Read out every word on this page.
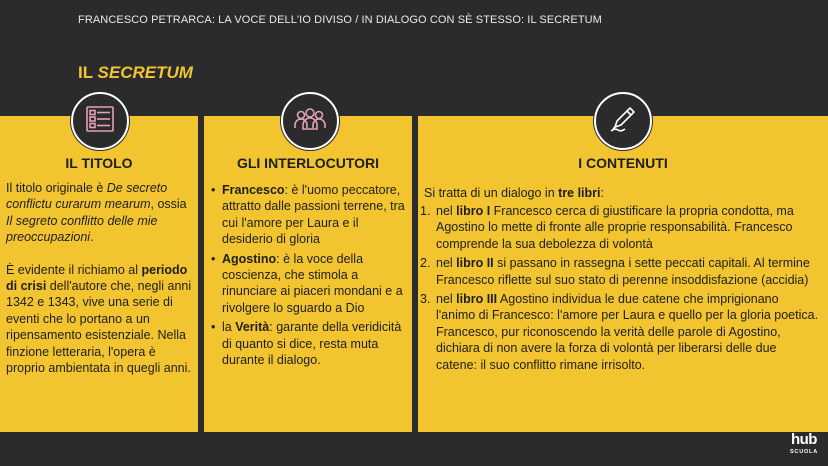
FRANCESCO PETRARCA: LA VOCE DELL'IO DIVISO / IN DIALOGO CON SÈ STESSO: IL SECRETUM
IL SECRETUM
IL TITOLO

Il titolo originale è De secreto conflictu curarum mearum, ossia Il segreto conflitto delle mie preoccupazioni.

È evidente il richiamo al periodo di crisi dell'autore che, negli anni 1342 e 1343, vive una serie di eventi che lo portano a un ripensamento esistenziale. Nella finzione letteraria, l'opera è proprio ambientata in quegli anni.

GLI INTERLOCUTORI
• Francesco: è l'uomo peccatore, attratto dalle passioni terrene, tra cui l'amore per Laura e il desiderio di gloria
• Agostino: è la voce della coscienza, che stimola a rinunciare ai piaceri mondani e a rivolgere lo sguardo a Dio
• la Verità: garante della veridicità di quanto si dice, resta muta durante il dialogo.
I CONTENUTI
Si tratta di un dialogo in tre libri:
1. nel libro I Francesco cerca di giustificare la propria condotta, ma Agostino lo mette di fronte alle proprie responsabilità. Francesco comprende la sua debolezza di volontà
2. nel libro II si passano in rassegna i sette peccati capitali. Al termine Francesco riflette sul suo stato di perenne insoddisfazione (accidia)
3. nel libro III Agostino individua le due catene che imprigionano l'animo di Francesco: l'amore per Laura e quello per la gloria poetica. Francesco, pur riconoscendo la verità delle parole di Agostino, dichiara di non avere la forza di volontà per liberarsi delle due catene: il suo conflitto rimane irrisolto.
hub
SCUOLA
